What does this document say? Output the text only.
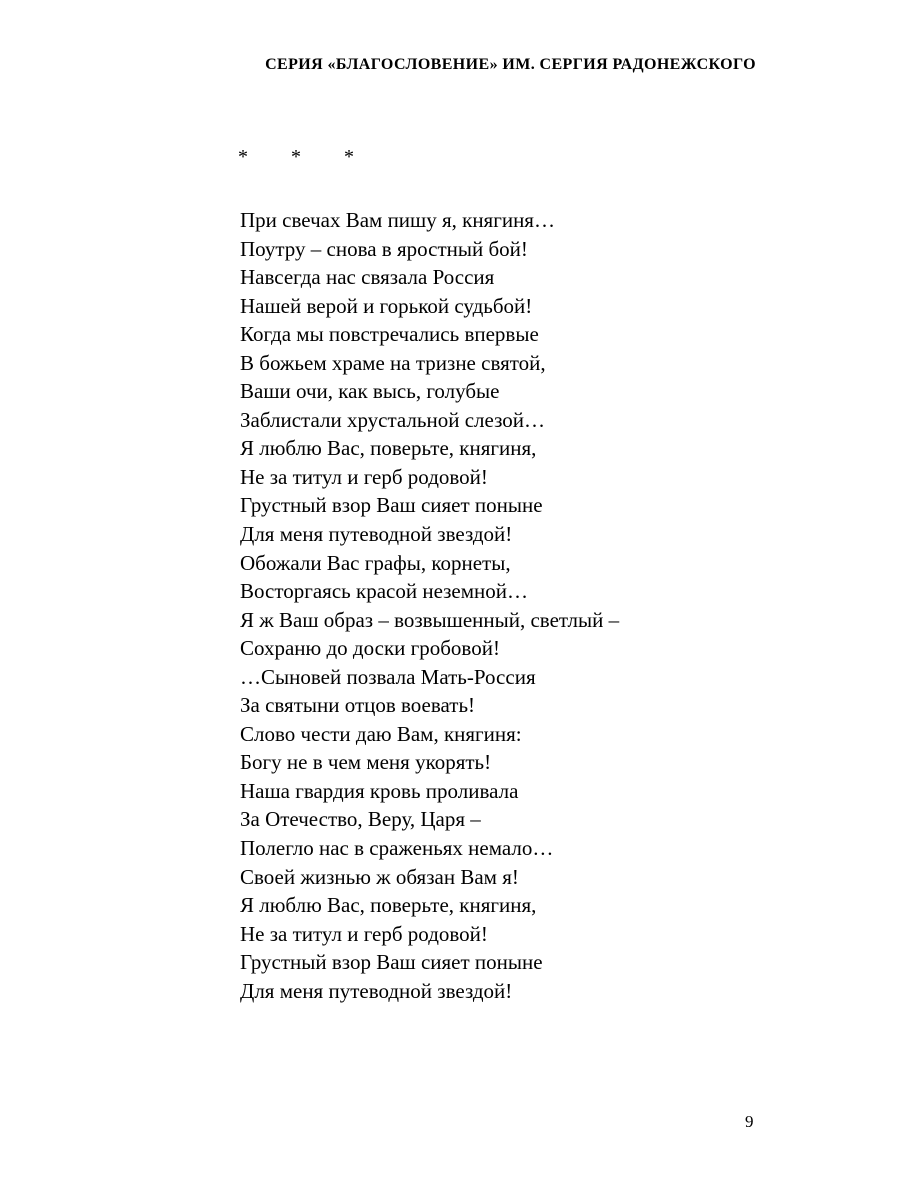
СЕРИЯ «БЛАГОСЛОВЕНИЕ» ИМ. СЕРГИЯ РАДОНЕЖСКОГО
* * *
При свечах Вам пишу я, княгиня…
Поутру – снова в яростный бой!
Навсегда нас связала Россия
Нашей верой и горькой судьбой!
Когда мы повстречались впервые
В божьем храме на тризне святой,
Ваши очи, как высь, голубые
Заблистали хрустальной слезой…
Я люблю Вас, поверьте, княгиня,
Не за титул и герб родовой!
Грустный взор Ваш сияет поныне
Для меня путеводной звездой!
Обожали Вас графы, корнеты,
Восторгаясь красой неземной…
Я ж Ваш образ – возвышенный, светлый –
Сохраню до доски гробовой!
…Сыновей позвала Мать-Россия
За святыни отцов воевать!
Слово чести даю Вам, княгиня:
Богу не в чем меня укорять!
Наша гвардия кровь проливала
За Отечество, Веру, Царя –
Полегло нас в сраженьях немало…
Своей жизнью ж обязан Вам я!
Я люблю Вас, поверьте, княгиня,
Не за титул и герб родовой!
Грустный взор Ваш сияет поныне
Для меня путеводной звездой!
9
